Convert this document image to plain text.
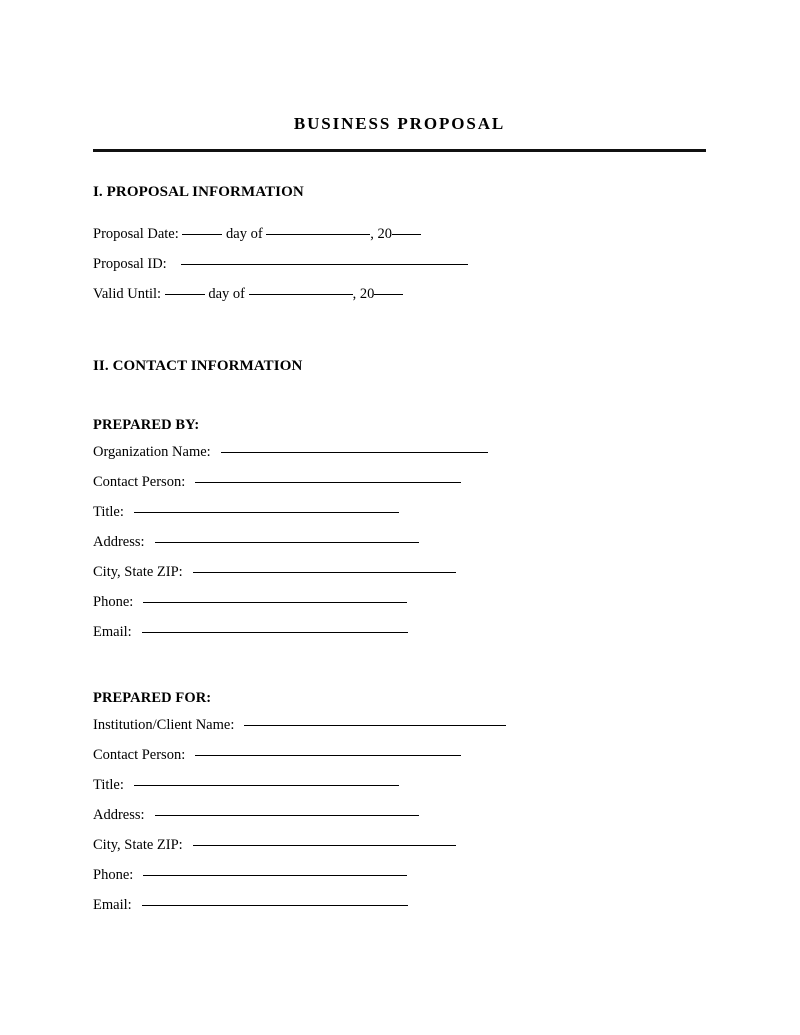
BUSINESS PROPOSAL
I. PROPOSAL INFORMATION
Proposal Date:	day of	, 20
Proposal ID:
Valid Until:	day of	, 20
II. CONTACT INFORMATION
PREPARED BY:
Organization Name:
Contact Person:
Title:
Address:
City, State ZIP:
Phone:
Email:
PREPARED FOR:
Institution/Client Name:
Contact Person:
Title:
Address:
City, State ZIP:
Phone:
Email:
